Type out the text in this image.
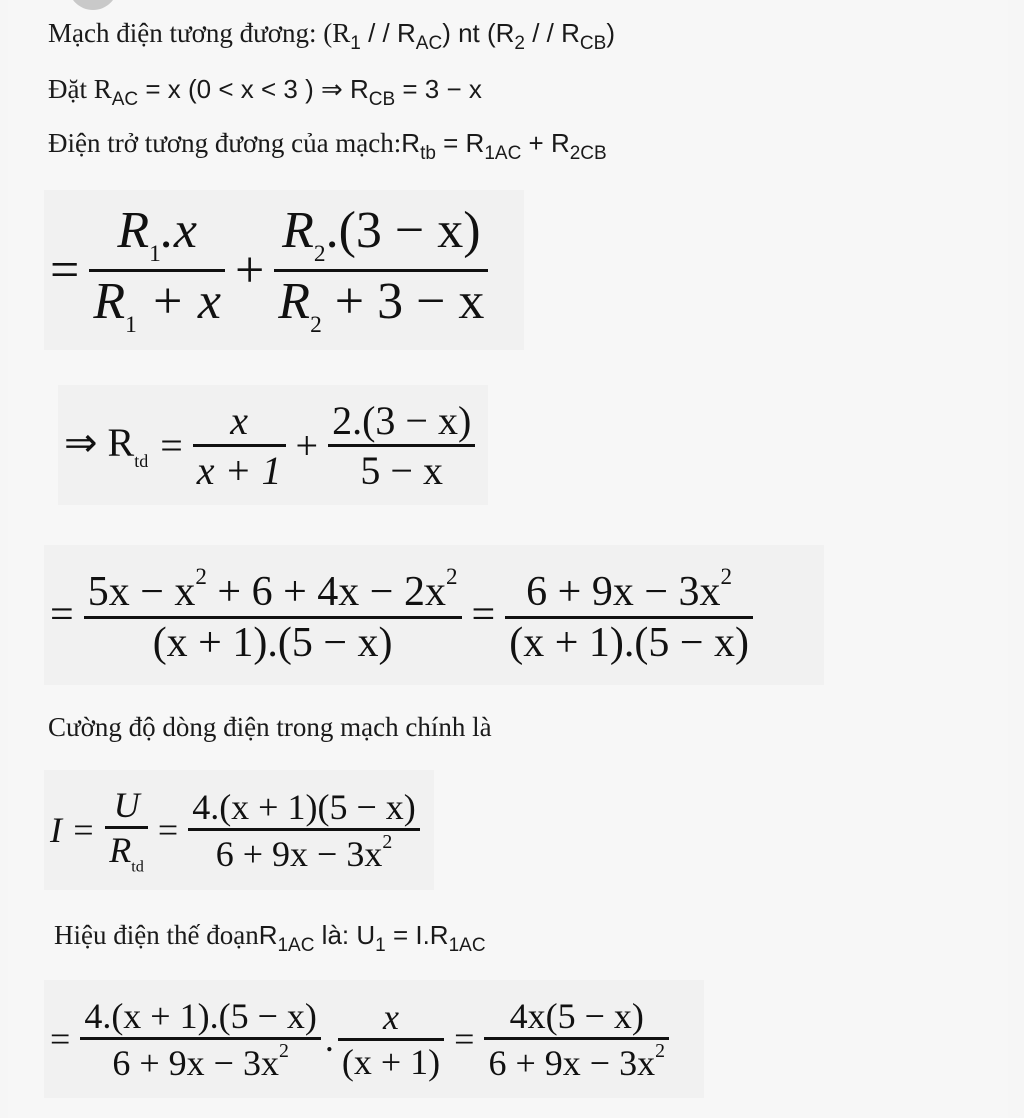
Mạch điện tương đương: ($R_1$ / / $R_{AC}$) nt ($R_2$ / / $R_{CB}$)
Đặt $R_{AC} = x$ (0 < x < 3 ) ⇒ $R_{CB} = 3 - x$
Điện trở tương đương của $mạch:R_{tb} = R_{1AC} + R_{2CB}$
= $\frac{R_1.x}{R_1 + x} + \frac{R_2.(3 - x)}{R_2 + 3 - x}$
⇒ $R_{td} = \frac{x}{x + 1} + \frac{2.(3 - x)}{5 - x}$
= $\frac{5x - x^2 + 6 + 4x - 2x^2}{(x + 1).(5 - x)} = \frac{6 + 9x - 3x^2}{(x + 1).(5 - x)}$
Cường độ dòng điện trong mạch chính là
$I = \frac{U}{R_{td}} = \frac{4.(x + 1)(5 - x)}{6 + 9x - 3x^2}$
Hiệu điện thế đoạnR$_{1AC}$ là: $U_1 = I.R_{1AC}$
= $\frac{4.(x + 1).(5 - x)}{6 + 9x - 3x^2}$ . $\frac{x}{(x + 1)} = \frac{4x(5 - x)}{6 + 9x - 3x^2}$
